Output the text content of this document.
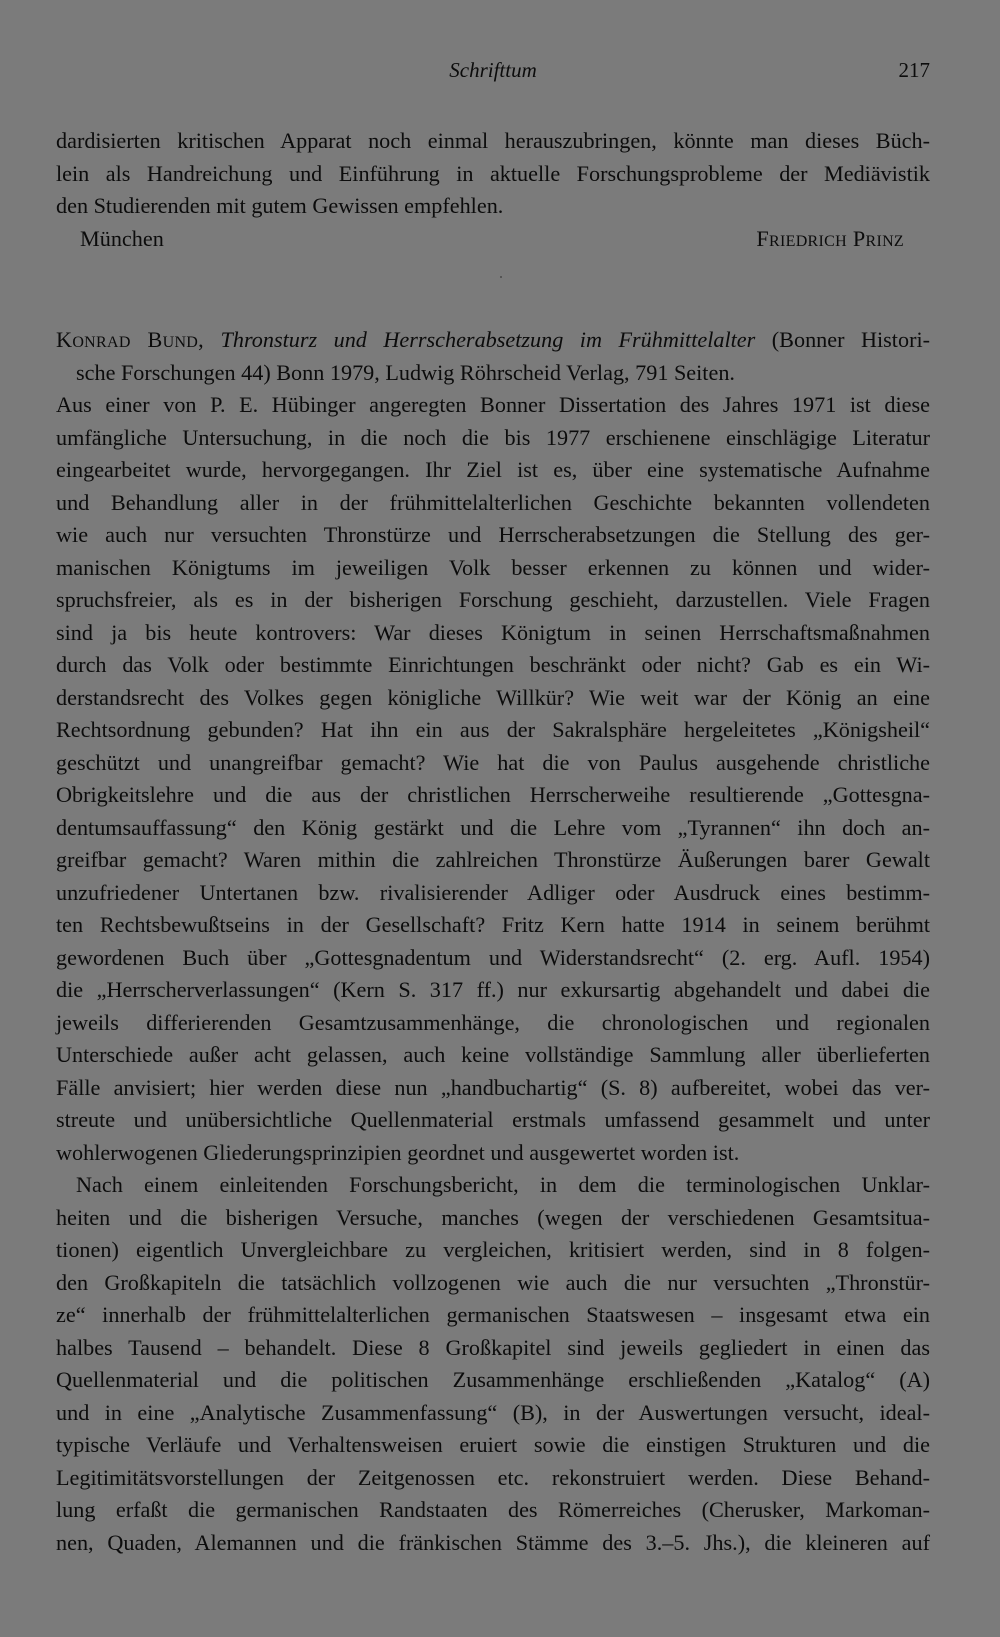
Schrifttum	217
dardisierten kritischen Apparat noch einmal herauszubringen, könnte man dieses Büch-
lein als Handreichung und Einführung in aktuelle Forschungsprobleme der Mediävistik
den Studierenden mit gutem Gewissen empfehlen.
München	Friedrich Prinz
Konrad Bund, Thronsturz und Herrscherabsetzung im Frühmittelalter (Bonner Histori-
sche Forschungen 44) Bonn 1979, Ludwig Röhrscheid Verlag, 791 Seiten.
Aus einer von P. E. Hübinger angeregten Bonner Dissertation des Jahres 1971 ist diese
umfängliche Untersuchung, in die noch die bis 1977 erschienene einschlägige Literatur
eingearbeitet wurde, hervorgegangen. Ihr Ziel ist es, über eine systematische Aufnahme
und Behandlung aller in der frühmittelalterlichen Geschichte bekannten vollendeten
wie auch nur versuchten Thronstürze und Herrscherabsetzungen die Stellung des ger-
manischen Königtums im jeweiligen Volk besser erkennen zu können und wider-
spruchsfreier, als es in der bisherigen Forschung geschieht, darzustellen. Viele Fragen
sind ja bis heute kontrovers: War dieses Königtum in seinen Herrschaftsmaßnahmen
durch das Volk oder bestimmte Einrichtungen beschränkt oder nicht? Gab es ein Wi-
derstandsrecht des Volkes gegen königliche Willkür? Wie weit war der König an eine
Rechtsordnung gebunden? Hat ihn ein aus der Sakralsphäre hergeleitetes „Königsheil“
geschützt und unangreifbar gemacht? Wie hat die von Paulus ausgehende christliche
Obrigkeitslehre und die aus der christlichen Herrscherweihe resultierende „Gottesgna-
dentumsauffassung“ den König gestärkt und die Lehre vom „Tyrannen“ ihn doch an-
greifbar gemacht? Waren mithin die zahlreichen Thronstürze Äußerungen barer Gewalt
unzufriedener Untertanen bzw. rivalisierender Adliger oder Ausdruck eines bestimm-
ten Rechtsbewußtseins in der Gesellschaft? Fritz Kern hatte 1914 in seinem berühmt
gewordenen Buch über „Gottesgnadentum und Widerstandsrecht“ (2. erg. Aufl. 1954)
die „Herrscherverlassungen“ (Kern S. 317 ff.) nur exkursartig abgehandelt und dabei die
jeweils differierenden Gesamtzusammenhänge, die chronologischen und regionalen
Unterschiede außer acht gelassen, auch keine vollständige Sammlung aller überlieferten
Fälle anvisiert; hier werden diese nun „handbuchartig“ (S. 8) aufbereitet, wobei das ver-
streute und unübersichtliche Quellenmaterial erstmals umfassend gesammelt und unter
wohlerwogenen Gliederungsprinzipien geordnet und ausgewertet worden ist.
Nach einem einleitenden Forschungsbericht, in dem die terminologischen Unklar-
heiten und die bisherigen Versuche, manches (wegen der verschiedenen Gesamtsitua-
tionen) eigentlich Unvergleichbare zu vergleichen, kritisiert werden, sind in 8 folgen-
den Großkapiteln die tatsächlich vollzogenen wie auch die nur versuchten „Thronstür-
ze“ innerhalb der frühmittelalterlichen germanischen Staatswesen – insgesamt etwa ein
halbes Tausend – behandelt. Diese 8 Großkapitel sind jeweils gegliedert in einen das
Quellenmaterial und die politischen Zusammenhänge erschließenden „Katalog“ (A)
und in eine „Analytische Zusammenfassung“ (B), in der Auswertungen versucht, ideal-
typische Verläufe und Verhaltensweisen eruiert sowie die einstigen Strukturen und die
Legitimitätsvorstellungen der Zeitgenossen etc. rekonstruiert werden. Diese Behand-
lung erfaßt die germanischen Randstaaten des Römerreiches (Cherusker, Markoman-
nen, Quaden, Alemannen und die fränkischen Stämme des 3.–5. Jhs.), die kleineren auf
